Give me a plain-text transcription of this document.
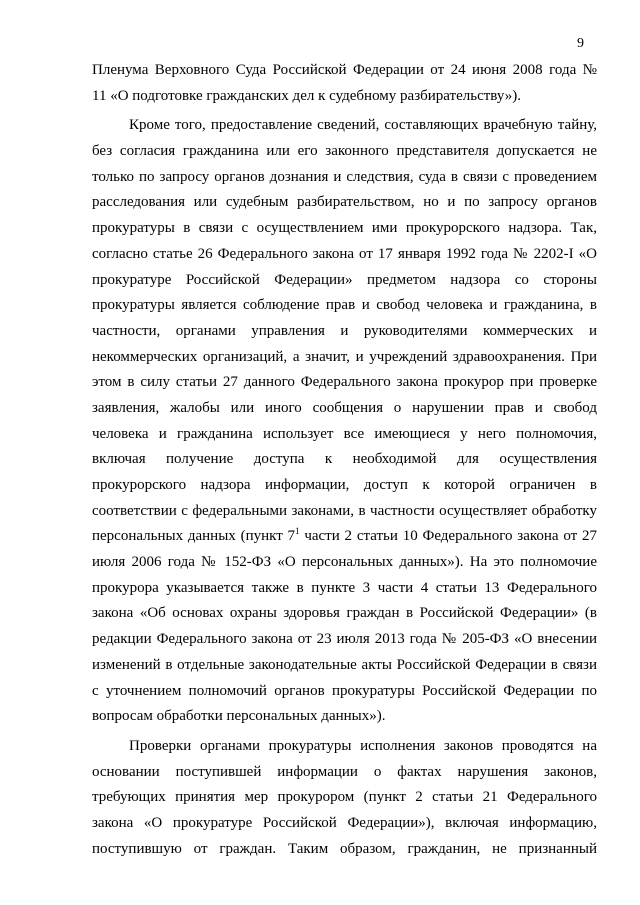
9
Пленума Верховного Суда Российской Федерации от 24 июня 2008 года №
11 «О подготовке гражданских дел к судебному разбирательству»).
Кроме того, предоставление сведений, составляющих врачебную тайну,
без согласия гражданина или его законного представителя допускается не
только по запросу органов дознания и следствия, суда в связи с проведением
расследования или судебным разбирательством, но и по запросу органов
прокуратуры в связи с осуществлением ими прокурорского надзора. Так,
согласно статье 26 Федерального закона от 17 января 1992 года № 2202-I «О
прокуратуре Российской Федерации» предметом надзора со стороны
прокуратуры является соблюдение прав и свобод человека и гражданина, в
частности, органами управления и руководителями коммерческих и
некоммерческих организаций, а значит, и учреждений здравоохранения. При
этом в силу статьи 27 данного Федерального закона прокурор при проверке
заявления, жалобы или иного сообщения о нарушении прав и свобод
человека и гражданина использует все имеющиеся у него полномочия,
включая получение доступа к необходимой для осуществления
прокурорского надзора информации, доступ к которой ограничен в
соответствии с федеральными законами, в частности осуществляет обработку
персональных данных (пункт $7^1$ части 2 статьи 10 Федерального закона от 27
июля 2006 года № 152-ФЗ «О персональных данных»). На это полномочие
прокурора указывается также в пункте 3 части 4 статьи 13 Федерального
закона «Об основах охраны здоровья граждан в Российской Федерации» (в
редакции Федерального закона от 23 июля 2013 года № 205-ФЗ «О внесении
изменений в отдельные законодательные акты Российской Федерации в связи
с уточнением полномочий органов прокуратуры Российской Федерации по
вопросам обработки персональных данных»).
Проверки органами прокуратуры исполнения законов проводятся на
основании поступившей информации о фактах нарушения законов,
требующих принятия мер прокурором (пункт 2 статьи 21 Федерального
закона «О прокуратуре Российской Федерации»), включая информацию,
поступившую от граждан. Таким образом, гражданин, не признанный
